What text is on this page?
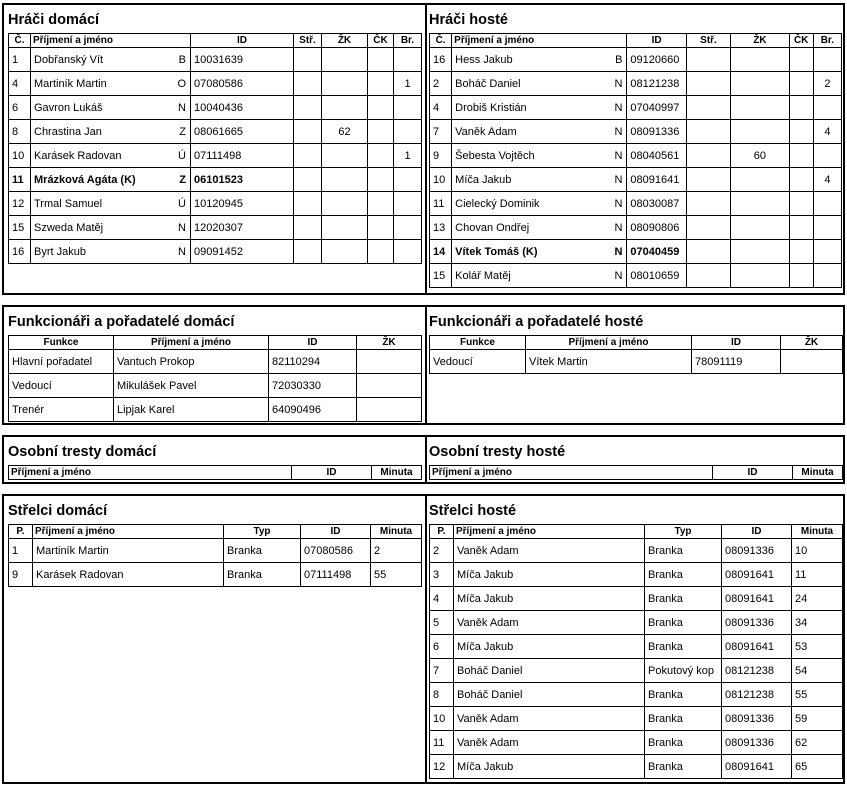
Hráči domácí
Č.	Příjmení a jméno	ID	Stř.	ŽK	ČK	Br.
1	Dobřanský Vít B	10031639				
4	Martiník Martin O	07080586				1
6	Gavron Lukáš N	10040436				
8	Chrastina Jan Z	08061665		62		
10	Karásek Radovan Ú	07111498				1
11	Mrázková Agáta (K) Z	06101523				
12	Trmal Samuel Ú	10120945				
15	Szweda Matěj N	12020307				
16	Byrt Jakub N	09091452				
Hráči hosté
Č.	Příjmení a jméno	ID	Stř.	ŽK	ČK	Br.
16	Hess Jakub B	09120660				
2	Boháč Daniel N	08121238				2
4	Drobiš Kristián N	07040997				
7	Vaněk Adam N	08091336				4
9	Šebesta Vojtěch N	08040561		60		
10	Míča Jakub N	08091641				4
11	Cielecký Dominik N	08030087				
13	Chovan Ondřej N	08090806				
14	Vítek Tomáš (K) N	07040459				
15	Kolář Matěj N	08010659				
Funkcionáři a pořadatelé domácí
Funkce	Příjmení a jméno	ID	ŽK
Hlavní pořadatel	Vantuch Prokop	82110294	
Vedoucí	Mikulášek Pavel	72030330	
Trenér	Lipjak Karel	64090496	
Funkcionáři a pořadatelé hosté
Funkce	Příjmení a jméno	ID	ŽK
Vedoucí	Vítek Martin	78091119	
Osobní tresty domácí
Příjmení a jméno	ID	Minuta
Osobní tresty hosté
Příjmení a jméno	ID	Minuta
Střelci domácí
P.	Příjmení a jméno	Typ	ID	Minuta
1	Martiník Martin	Branka	07080586	2
9	Karásek Radovan	Branka	07111498	55
Střelci hosté
P.	Příjmení a jméno	Typ	ID	Minuta
2	Vaněk Adam	Branka	08091336	10
3	Míča Jakub	Branka	08091641	11
4	Míča Jakub	Branka	08091641	24
5	Vaněk Adam	Branka	08091336	34
6	Míča Jakub	Branka	08091641	53
7	Boháč Daniel	Pokutový kop	08121238	54
8	Boháč Daniel	Branka	08121238	55
10	Vaněk Adam	Branka	08091336	59
11	Vaněk Adam	Branka	08091336	62
12	Míča Jakub	Branka	08091641	65
